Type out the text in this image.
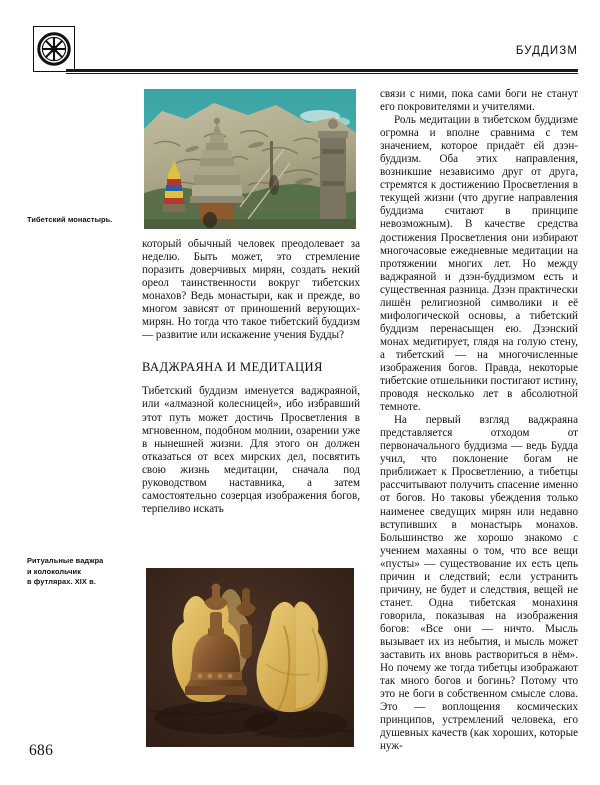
БУДДИЗМ
Тибетский монастырь.
Ритуальные ваджра
и колокольчик
в футлярах. XIX в.

который обычный человек преодолевает за неделю. Быть может, это стремление поразить доверчивых мирян, создать некий ореол таинственности вокруг тибетских монахов? Ведь монастыри, как и прежде, во многом зависят от приношений верующих-мирян. Но тогда что такое тибетский буддизм — развитие или искажение учения Будды?

ВАДЖРАЯНА И МЕДИТАЦИЯ

Тибетский буддизм именуется ваджраяной, или «алмазной колесницей», ибо избравший этот путь может достичь Просветления в мгновенном, подобном молнии, озарении уже в нынешней жизни. Для этого он должен отказаться от всех мирских дел, посвятить свою жизнь медитации, сначала под руководством наставника, а затем самостоятельно созерцая изображения богов, терпеливо искать

связи с ними, пока сами боги не станут его покровителями и учителями.

Роль медитации в тибетском буддизме огромна и вполне сравнима с тем значением, которое придаёт ей дзэн-буддизм. Оба этих направления, возникшие независимо друг от друга, стремятся к достижению Просветления в текущей жизни (что другие направления буддизма считают в принципе невозможным). В качестве средства достижения Просветления они избирают многочасовые ежедневные медитации на протяжении многих лет. Но между ваджраяной и дзэн-буддизмом есть и существенная разница. Дзэн практически лишён религиозной символики и её мифологической основы, а тибетский буддизм перенасыщен ею. Дзэнский монах медитирует, глядя на голую стену, а тибетский — на многочисленные изображения богов. Правда, некоторые тибетские отшельники постигают истину, проводя несколько лет в абсолютной темноте.

На первый взгляд ваджраяна представляется отходом от первоначального буддизма — ведь Будда учил, что поклонение богам не приближает к Просветлению, а тибетцы рассчитывают получить спасение именно от богов. Но таковы убеждения только наименее сведущих мирян или недавно вступивших в монастырь монахов. Большинство же хорошо знакомо с учением махаяны о том, что все вещи «пусты» — существование их есть цепь причин и следствий; если устранить причину, не будет и следствия, вещей не станет. Одна тибетская монахиня говорила, показывая на изображения богов: «Все они — ничто. Мысль вызывает их из небытия, и мысль может заставить их вновь раствориться в нём». Но почему же тогда тибетцы изображают так много богов и богинь? Потому что это не боги в собственном смысле слова. Это — воплощения космических принципов, устремлений человека, его душевных качеств (как хороших, которые нуж-

686
